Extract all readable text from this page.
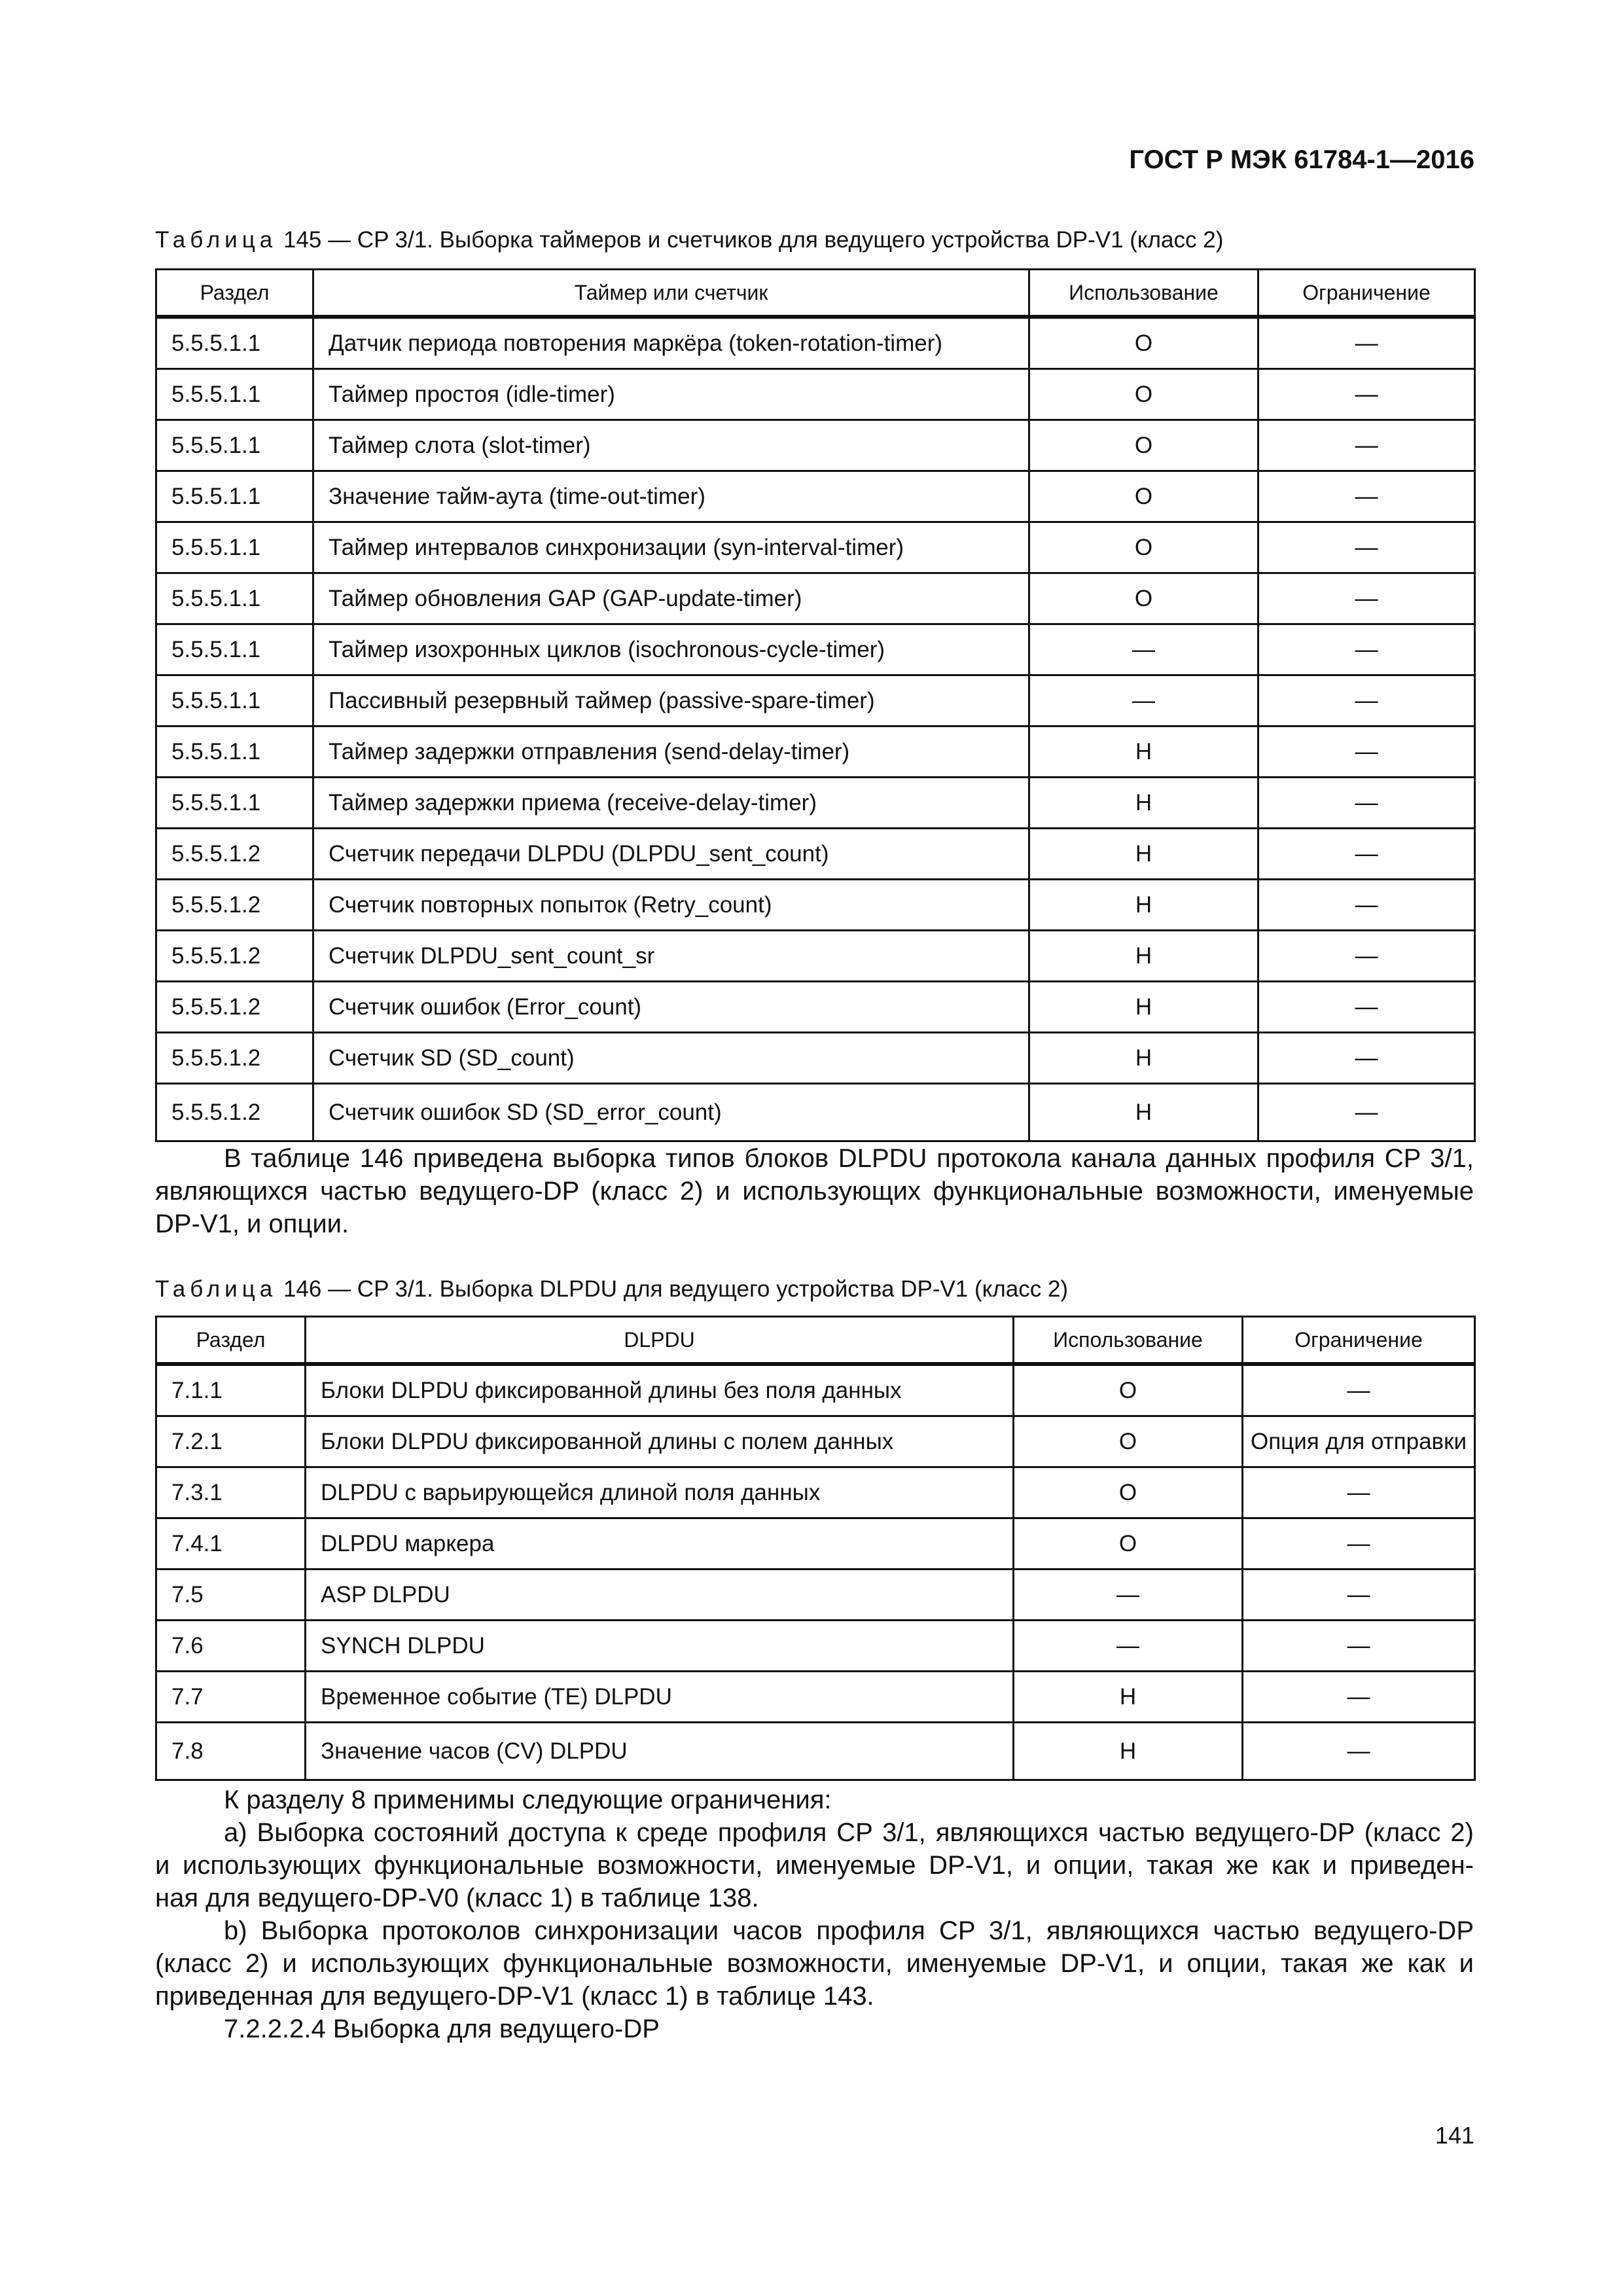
ГОСТ Р МЭК 61784-1—2016
Таблица 145 — CP 3/1. Выборка таймеров и счетчиков для ведущего устройства DP-V1 (класс 2)
Раздел	Таймер или счетчик	Использование	Ограничение
5.5.5.1.1	Датчик периода повторения маркёра (token-rotation-timer)	O	—
5.5.5.1.1	Таймер простоя (idle-timer)	O	—
5.5.5.1.1	Таймер слота (slot-timer)	O	—
5.5.5.1.1	Значение тайм-аута (time-out-timer)	O	—
5.5.5.1.1	Таймер интервалов синхронизации (syn-interval-timer)	O	—
5.5.5.1.1	Таймер обновления GAP (GAP-update-timer)	O	—
5.5.5.1.1	Таймер изохронных циклов (isochronous-cycle-timer)	—	—
5.5.5.1.1	Пассивный резервный таймер (passive-spare-timer)	—	—
5.5.5.1.1	Таймер задержки отправления (send-delay-timer)	H	—
5.5.5.1.1	Таймер задержки приема (receive-delay-timer)	H	—
5.5.5.1.2	Счетчик передачи DLPDU (DLPDU_sent_count)	H	—
5.5.5.1.2	Счетчик повторных попыток (Retry_count)	H	—
5.5.5.1.2	Счетчик DLPDU_sent_count_sr	H	—
5.5.5.1.2	Счетчик ошибок (Error_count)	H	—
5.5.5.1.2	Счетчик SD (SD_count)	H	—
5.5.5.1.2	Счетчик ошибок SD (SD_error_count)	H	—
В таблице 146 приведена выборка типов блоков DLPDU протокола канала данных профиля CP 3/1,
являющихся частью ведущего-DP (класс 2) и использующих функциональные возможности, именуемые
DP-V1, и опции.
Таблица 146 — CP 3/1. Выборка DLPDU для ведущего устройства DP-V1 (класс 2)
Раздел	DLPDU	Использование	Ограничение
7.1.1	Блоки DLPDU фиксированной длины без поля данных	O	—
7.2.1	Блоки DLPDU фиксированной длины с полем данных	O	Опция для отправки
7.3.1	DLPDU с варьирующейся длиной поля данных	O	—
7.4.1	DLPDU маркера	O	—
7.5	ASP DLPDU	—	—
7.6	SYNCH DLPDU	—	—
7.7	Временное событие (TE) DLPDU	H	—
7.8	Значение часов (CV) DLPDU	H	—
К разделу 8 применимы следующие ограничения:
а) Выборка состояний доступа к среде профиля CP 3/1, являющихся частью ведущего-DP (класс 2)
и использующих функциональные возможности, именуемые DP-V1, и опции, такая же как и приведен-
ная для ведущего-DP-V0 (класс 1) в таблице 138.
b) Выборка протоколов синхронизации часов профиля CP 3/1, являющихся частью ведущего-DP
(класс 2) и использующих функциональные возможности, именуемые DP-V1, и опции, такая же как и
приведенная для ведущего-DP-V1 (класс 1) в таблице 143.
7.2.2.2.4 Выборка для ведущего-DP
141
